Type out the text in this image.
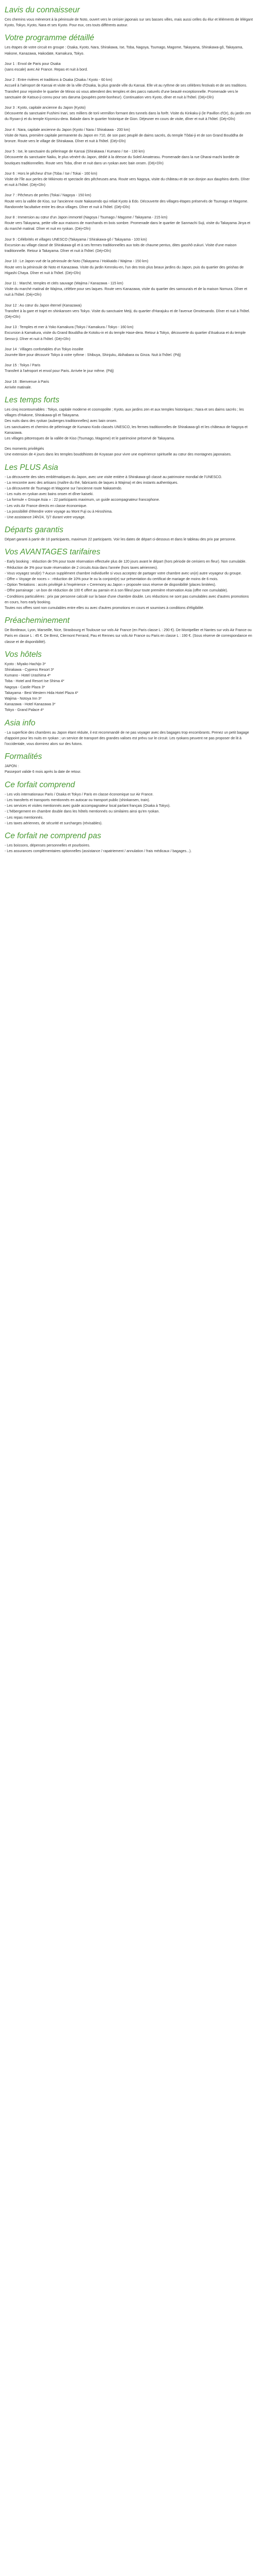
Lavis du connaisseur

Ces chemins vous mèneront à la péninsule de Noto, ouvert vers le cerisier japonais sur ses basses villes, mais aussi celles du élur et léléments de lélégant Kyoto, Tokyo, Kyoto, Nara et ses Kyoto. Pour eux, ces touts différents autour.

Votre programme détaillé

Les étapes de votre circuit en groupe : Osaka, Kyoto, Nara, Shirakawa, Ise, Toba, Nagoya, Tsumago, Magome, Takayama, Shirakawa-gô, Takayama, Hakone, Kanazawa, Hakodate, Kamakura, Tokyo.

Jour 1 : Envol de Paris pour Osaka

(sans escale) avec Air France. Repas et nuit à bord.

Jour 2 : Entre rivières et traditions à Osaka (Osaka / Kyoto - 60 km)

Accueil à l'aéroport de Kansai et visite de la ville d'Osaka, la plus grande ville du Kansai. Elle vit au rythme de ses célèbres festivals et de ses traditions. Transfert pour rejoindre le quartier de Minoo où vous attendent des temples et des parcs naturels d'une beauté exceptionnelle. Promenade vers le sanctuaire de Katsuo-ji connu pour ses daruma (poupées porte-bonheur). Continuation vers Kyoto, dîner et nuit à l'hôtel. (Déj+Dîn)

Jour 3 : Kyoto, capitale ancienne du Japon (Kyoto)

Découverte du sanctuaire Fushimi Inari, ses milliers de torii vermillon formant des tunnels dans la forêt. Visite du Kinkaku-ji (le Pavillon d'Or), du jardin zen du Ryoan-ji et du temple Kiyomizu-dera. Balade dans le quartier historique de Gion. Déjeuner en cours de visite, dîner et nuit à l'hôtel. (Déj+Dîn)

Jour 4 : Nara, capitale ancienne du Japon (Kyoto / Nara / Shirakawa - 200 km)

Visite de Nara, première capitale permanente du Japon en 710, de son parc peuplé de daims sacrés, du temple Tôdai-ji et de son Grand Bouddha de bronze. Route vers le village de Shirakawa. Dîner et nuit à l'hôtel. (Déj+Dîn)

Jour 5 : Ise, le sanctuaire du pélerinage de Kansai (Shirakawa / Kumano / Ise - 130 km)

Découverte du sanctuaire Naiku, le plus vénéré du Japon, dédié à la déesse du Soleil Amaterasu. Promenade dans la rue Oharai-machi bordée de boutiques traditionnelles. Route vers Toba, dîner et nuit dans un ryokan avec bain onsen. (Déj+Dîn)

Jour 6 : Hors le pêcheur d'Ise (Toba / Ise / Tokai - 160 km)

Visite de l'île aux perles de Mikimoto et spectacle des pêcheuses ama. Route vers Nagoya, visite du château et de son donjon aux dauphins dorés. Dîner et nuit à l'hôtel. (Déj+Dîn)

Jour 7 : Pêcheurs de perles (Tokai / Nagoya - 150 km)

Route vers la vallée de Kiso, sur l'ancienne route Nakasendo qui reliait Kyoto à Edo. Découverte des villages-étapes préservés de Tsumago et Magome. Randonnée facultative entre les deux villages. Dîner et nuit à l'hôtel. (Déj+Dîn)

Jour 8 : Immersion au cœur d'un Japon immortel (Nagoya / Tsumago / Magome / Takayama - 215 km)

Route vers Takayama, petite ville aux maisons de marchands en bois sombre. Promenade dans le quartier de Sanmachi Suji, visite du Takayama Jinya et du marché matinal. Dîner et nuit en ryokan. (Déj+Dîn)

Jour 9 : Célébrités et villages UNESCO (Takayama / Shirakawa-gô / Takayama - 100 km)

Excursion au village classé de Shirakawa-gô et à ses fermes traditionnelles aux toits de chaume pentus, dites gasshô-zukuri. Visite d'une maison traditionnelle. Retour à Takayama. Dîner et nuit à l'hôtel. (Déj+Dîn)

Jour 10 : Le Japon vué de la péninsule de Noto (Takayama / Hokkaido / Wajima - 150 km)

Route vers la péninsule de Noto et Kanazawa. Visite du jardin Kenroku-en, l'un des trois plus beaux jardins du Japon, puis du quartier des geishas de Higashi Chaya. Dîner et nuit à l'hôtel. (Déj+Dîn)

Jour 11 : Marché, temples et cités sauvage (Wajima / Kanazawa - 115 km)

Visite du marché matinal de Wajima, célèbre pour ses laques. Route vers Kanazawa, visite du quartier des samouraïs et de la maison Nomura. Dîner et nuit à l'hôtel. (Déj+Dîn)

Jour 12 : Au cœur du Japon éternel (Kanazawa)

Transfert à la gare et trajet en shinkansen vers Tokyo. Visite du sanctuaire Meiji, du quartier d'Harajuku et de l'avenue Omotesando. Dîner et nuit à l'hôtel. (Déj+Dîn)

Jour 13 : Temples et mer à Yoko Kamakura (Tokyo / Kamakura / Tokyo - 160 km)

Excursion à Kamakura, visite du Grand Bouddha de Kotoku-in et du temple Hase-dera. Retour à Tokyo, découverte du quartier d'Asakusa et du temple Senso-ji. Dîner et nuit à l'hôtel. (Déj+Dîn)

Jour 14 : Villages confortables d'un Tokyo insolite

Journée libre pour découvrir Tokyo à votre rythme : Shibuya, Shinjuku, Akihabara ou Ginza. Nuit à l'hôtel. (Pdj)

Jour 15 : Tokyo / Paris

Transfert à l'aéroport et envol pour Paris. Arrivée le jour même. (Pdj)

Jour 16 : Bienvenue à Paris

Arrivée matinale.

Les temps forts
Les cinq incontournables : Tokyo, capitale moderne et cosmopolite ; Kyoto, aux jardins zen et aux temples historiques ; Nara et ses daims sacrés ; les villages d'Hakone, Shirakawa-gô et Takayama.
Des nuits dans des ryokan (auberges traditionnelles) avec bain onsen.
Les sanctuaires et chemins de pèlerinage de Kumano Kodo classés UNESCO, les fermes traditionnelles de Shirakawa-gô et les châteaux de Nagoya et Kanazawa.
Les villages pittoresques de la vallée de Kiso (Tsumago, Magome) et le patrimoine préservé de Takayama.

Des moments privilégiés

Une extension de 4 jours dans les temples bouddhistes de Koyasan pour vivre une expérience spirituelle au cœur des montagnes japonaises.

Les PLUS Asia
- La découverte des sites emblématiques du Japon, avec une visite entière à Shirakawa-gô classé au patrimoine mondial de l'UNESCO.
- La rencontre avec des artisans (maître du thé, fabricants de laques à Wajima) et des instants authentiques.
- La découverte de Tsumago et Magome sur l'ancienne route Nakasendo.
- Les nuits en ryokan avec bains onsen et dîner kaiseki.
- La formule « Groupe Asia » : 22 participants maximum, un guide accompagnateur francophone.
- Les vols Air France directs en classe économique.
- La possibilité d'étendre votre voyage au Mont Fuji ou à Hiroshima.
- Une assistance 24h/24, 7j/7 durant votre voyage.
Départs garantis

Départ garanti à partir de 10 participants, maximum 22 participants. Voir les dates de départ ci-dessous et dans le tableau des prix par personne.

Vos AVANTAGES tarifaires
- Early booking : réduction de 5% pour toute réservation effectuée plus de 120 jours avant le départ (hors période de cerisiers en fleur). Non cumulable.
- Réduction de 3% pour toute réservation de 2 circuits Asia dans l'année (hors taxes aériennes).
- Vous voyagez seul(e) ? Aucun supplément chambre individuelle si vous acceptez de partager votre chambre avec un(e) autre voyageur du groupe.
- Offre « Voyage de noces » : réduction de 10% pour le ou la conjoint(e) sur présentation du certificat de mariage de moins de 6 mois.
- Option Tentations : accès privilégié à l'expérience « Ceremony au Japon » proposée sous réserve de disponibilité (places limitées).
- Offre parrainage : un bon de réduction de 100 € offert au parrain et à son filleul pour toute première réservation Asia (offre non cumulable).
- Conditions particulières : prix par personne calculé sur la base d'une chambre double. Les réductions ne sont pas cumulables avec d'autres promotions en cours, hors early booking.
Toutes nos offres sont non cumulables entre elles ou avec d'autres promotions en cours et soumises à conditions d'éligibilité.
Préacheminement

De Bordeaux, Lyon, Marseille, Nice, Strasbourg et Toulouse sur vols Air France (en Paris classe L : 290 €). De Montpellier et Nantes sur vols Air France ou Paris en classe L : 45 €. De Brest, Clermont Ferrand, Pau et Rennes sur vols Air France ou Paris en classe L : 190 €. (Sous réserve de correspondance en classe et de disponibilité).

Vos hôtels
Kyoto : Miyako Hachijo 3*
Shirakawa - Cypress Resort 3*
Kumano - Hotel Urashima 4*
Toba - Hotel and Resort Ise Shima 4*
Nagoya - Castle Plaza 3*
Takayama - Best Western Hida Hotel Plaza 4*
Wajima - Notoya Inn 3*
Kanazawa - Hotel Kanazawa 3*
Tokyo - Grand Palace 4*
Asia info

- La superficie des chambres au Japon étant réduite, il est recommandé de ne pas voyager avec des bagages trop encombrants. Prenez un petit bagage d'appoint pour les nuits en ryokan ; un service de transport des grandes valises est prévu sur le circuit. Les ryokans peuvent ne pas proposer de lit à l'occidentale, vous dormirez alors sur des futons.

Formalités

JAPON :

Passeport valide 6 mois après la date de retour.

Ce forfait comprend
- Les vols internationaux Paris / Osaka et Tokyo / Paris en classe économique sur Air France.
- Les transferts et transports mentionnés en autocar ou transport public (shinkansen, train).
- Les services et visites mentionnés avec guide accompagnateur local parlant français (Osaka à Tokyo).
- L'hébergement en chambre double dans les hôtels mentionnés ou similaires ainsi qu'en ryokan.
- Les repas mentionnés.
- Les taxes aériennes, de sécurité et surcharges (révisables).
Ce forfait ne comprend pas
- Les boissons, dépenses personnelles et pourboires.
- Les assurances complémentaires optionnelles (assistance / rapatriement / annulation / frais médicaux / bagages...).
